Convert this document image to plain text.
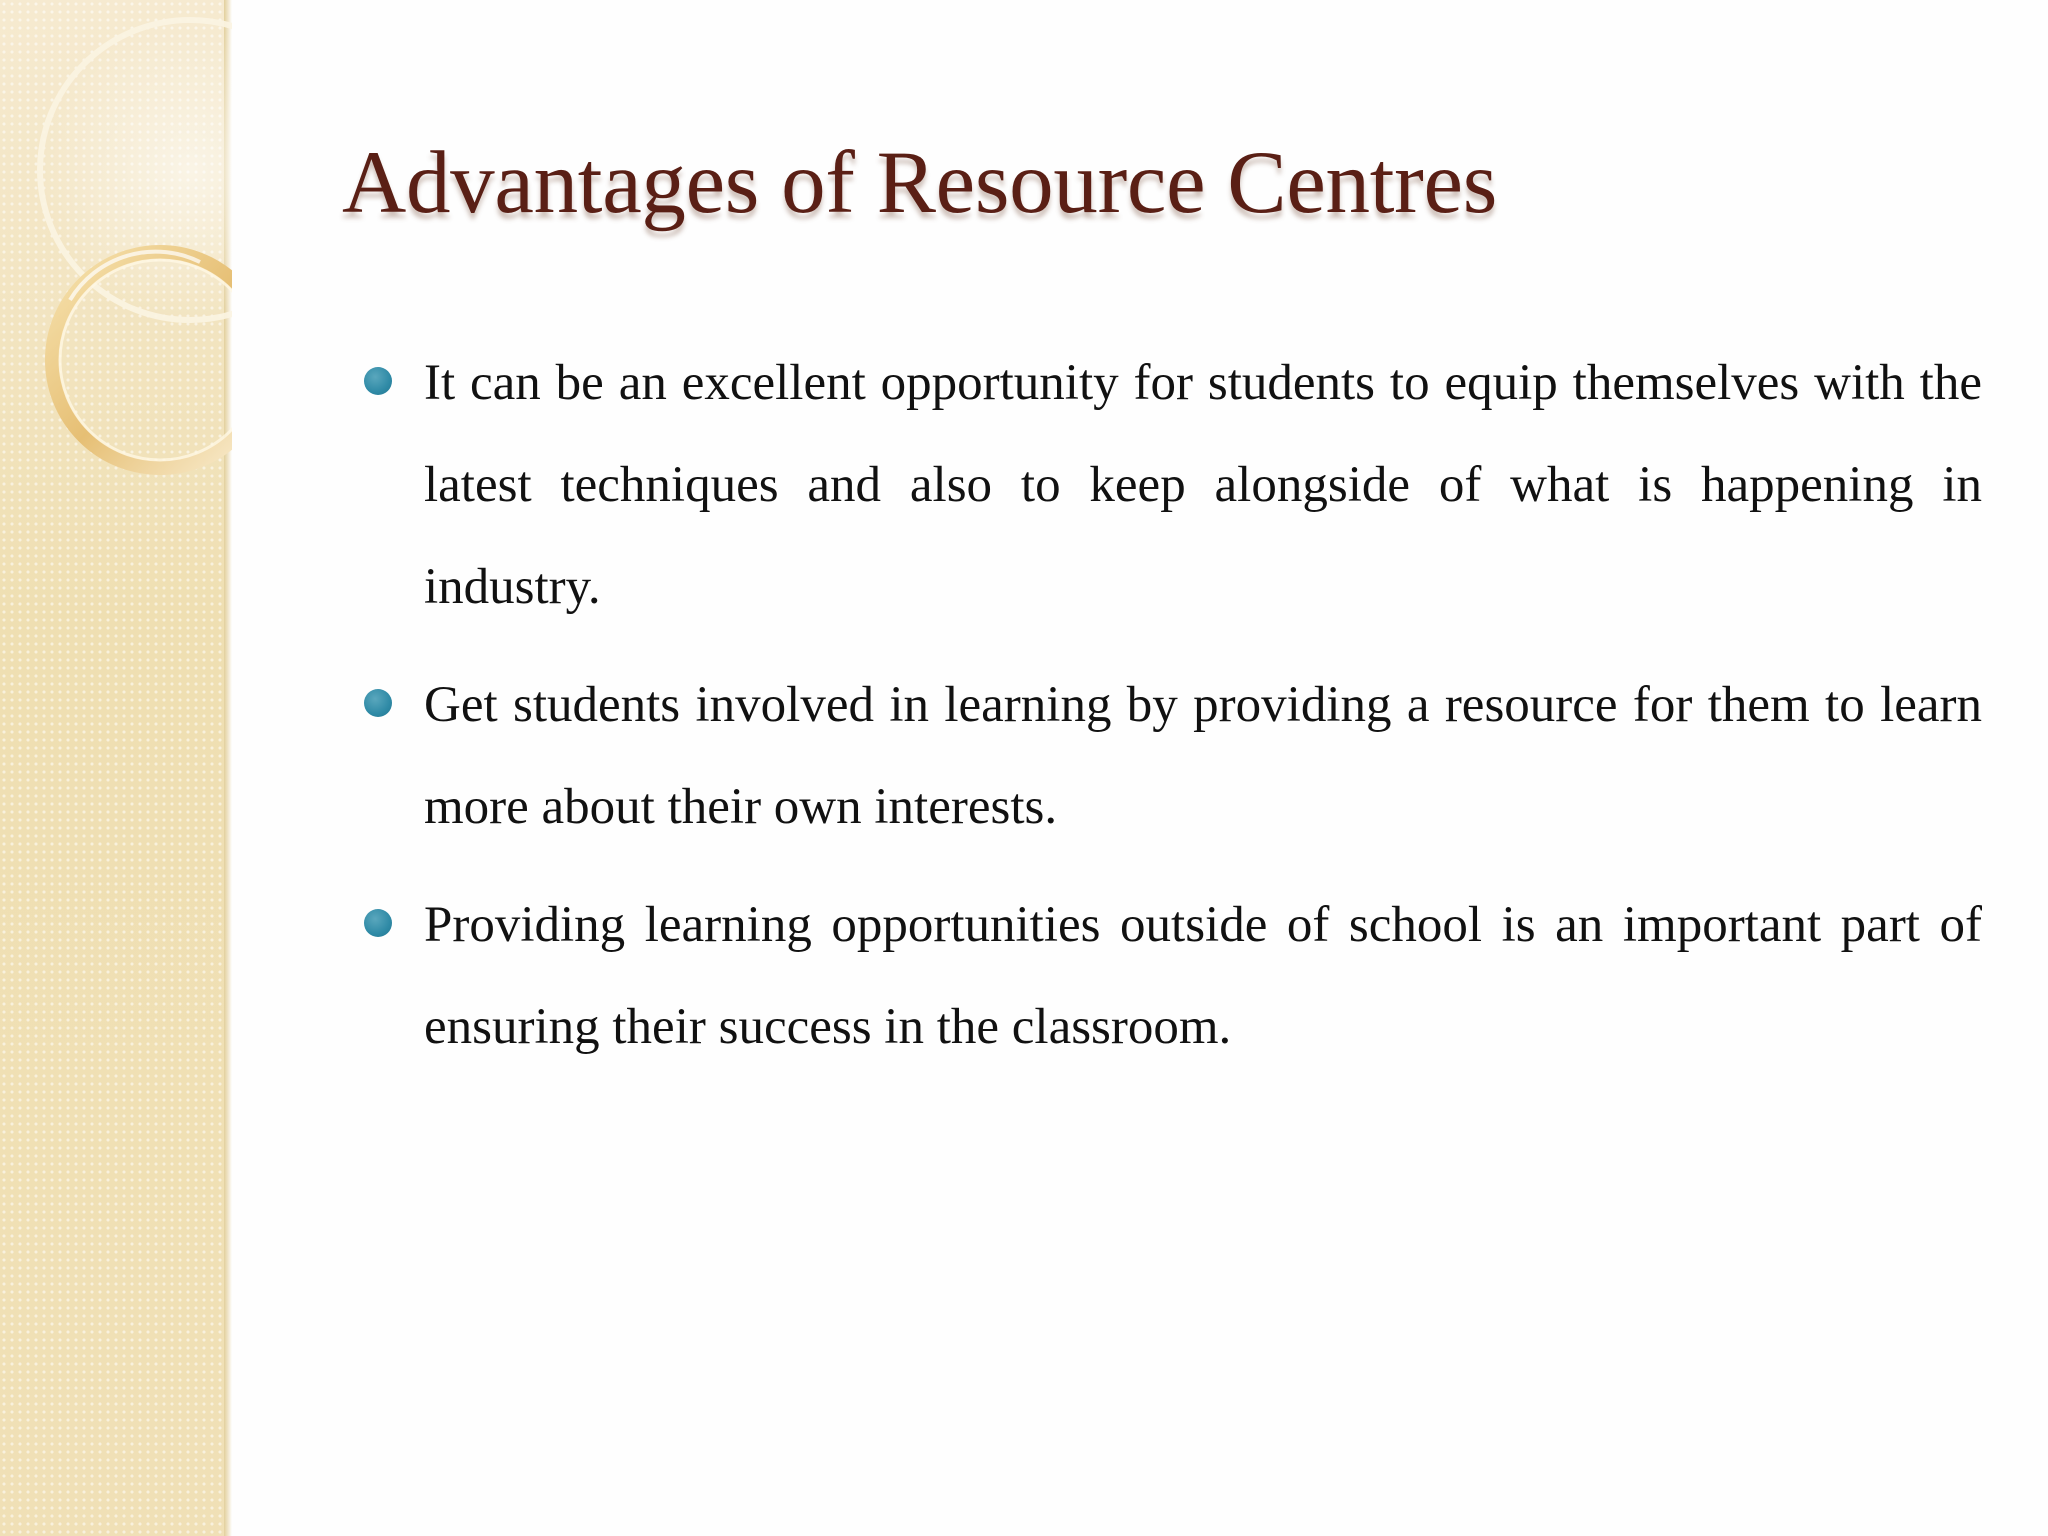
Advantages of Resource Centres
It can be an excellent opportunity for students to equip themselves with the latest techniques and also to keep alongside of what is happening in industry.
Get students involved in learning by providing a resource for them to learn more about their own interests.
Providing learning opportunities outside of school is an important part of ensuring their success in the classroom.
